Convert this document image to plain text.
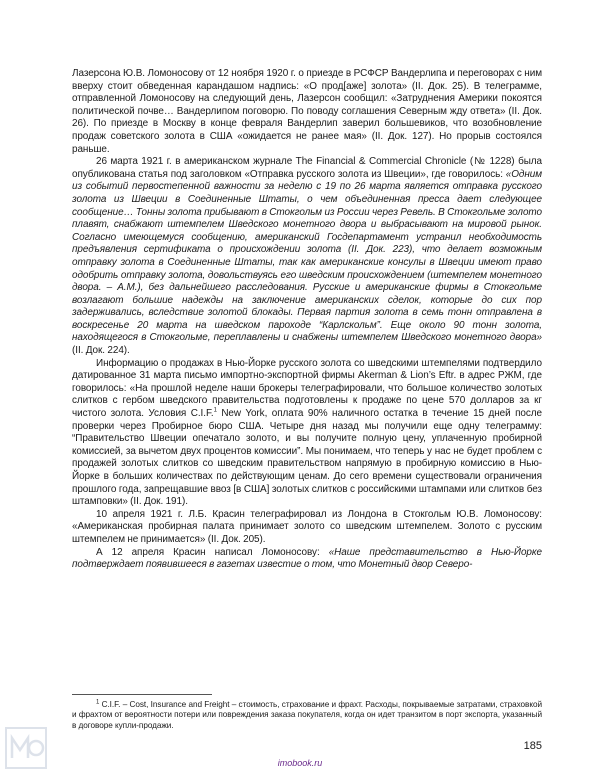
Лазерсона Ю.В. Ломоносову от 12 ноября 1920 г. о приезде в РСФСР Вандерлипа и переговорах с ним вверху стоит обведенная карандашом надпись: «О прод[аже] золота» (II. Док. 25). В телеграмме, отправленной Ломоносову на следующий день, Лазерсон сообщил: «Затруднения Америки покоятся политической почве… Вандерлипом поговорю. По поводу соглашения Северным жду ответа» (II. Док. 26). По приезде в Москву в конце февраля Вандерлип заверил большевиков, что возобновление продаж советского золота в США «ожидается не ранее мая» (II. Док. 127). Но прорыв состоялся раньше.

26 марта 1921 г. в американском журнале The Financial & Commercial Chronicle (№ 1228) была опубликована статья под заголовком «Отправка русского золота из Швеции», где говорилось: «Одним из событий первостепенной важности за неделю с 19 по 26 марта является отправка русского золота из Швеции в Соединенные Штаты, о чем объединенная пресса дает следующее сообщение… Тонны золота прибывают в Стокгольм из России через Ревель. В Стокгольме золото плавят, снабжают штемпелем Шведского монетного двора и выбрасывают на мировой рынок. Согласно имеющемуся сообщению, американский Госдепартамент устранил необходимость предъявления сертификата о происхождении золота (II. Док. 223), что делает возможным отправку золота в Соединенные Штаты, так как американские консулы в Швеции имеют право одобрить отправку золота, довольствуясь его шведским происхождением (штемпелем монетного двора. – А.М.), без дальнейшего расследования. Русские и американские фирмы в Стокгольме возлагают большие надежды на заключение американских сделок, которые до сих пор задерживались, вследствие золотой блокады. Первая партия золота в семь тонн отправлена в воскресенье 20 марта на шведском пароходе “Карлскольм”. Еще около 90 тонн золота, находящегося в Стокгольме, переплавлены и снабжены штемпелем Шведского монетного двора» (II. Док. 224).

Информацию о продажах в Нью-Йорке русского золота со шведскими штемпелями подтвердило датированное 31 марта письмо импортно-экспортной фирмы Akerman & Lion’s Eftr. в адрес РЖМ, где говорилось: «На прошлой неделе наши брокеры телеграфировали, что большое количество золотых слитков с гербом шведского правительства подготовлены к продаже по цене 570 долларов за кг чистого золота. Условия C.I.F.$^1$ New York, оплата 90% наличного остатка в течение 15 дней после проверки через Пробирное бюро США. Четыре дня назад мы получили еще одну телеграмму: “Правительство Швеции опечатало золото, и вы получите полную цену, уплаченную пробирной комиссией, за вычетом двух процентов комиссии”. Мы понимаем, что теперь у нас не будет проблем с продажей золотых слитков со шведским правительством напрямую в пробирную комиссию в Нью-Йорке в больших количествах по действующим ценам. До сего времени существовали ограничения прошлого года, запрещавшие ввоз [в США] золотых слитков с российскими штампами или слитков без штамповки» (II. Док. 191).

10 апреля 1921 г. Л.Б. Красин телеграфировал из Лондона в Стокгольм Ю.В. Ломоносову: «Американская пробирная палата принимает золото со шведским штемпелем. Золото с русским штемпелем не принимается» (II. Док. 205).

А 12 апреля Красин написал Ломоносову: «Наше представительство в Нью-Йорке подтверждает появившееся в газетах известие о том, что Монетный двор Северо-

$^1$ C.I.F. – Cost, Insurance and Freight – стоимость, страхование и фрахт. Расходы, покрываемые затратами, страховкой и фрахтом от вероятности потери или повреждения заказа покупателя, когда он идет транзитом в порт экспорта, указанный в договоре купли-продажи.
185
imobook.ru
